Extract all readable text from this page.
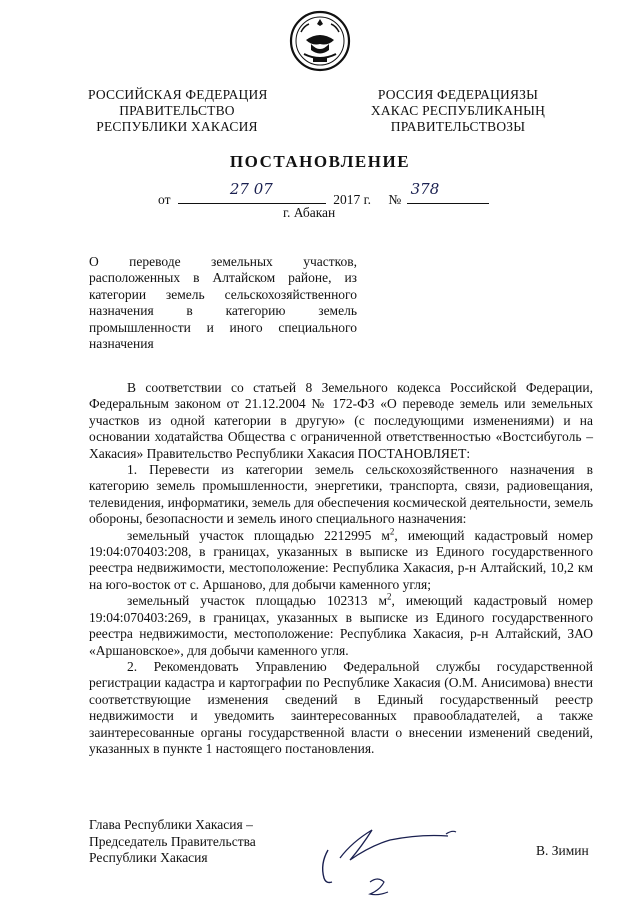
РОССИЙСКАЯ ФЕДЕРАЦИЯ
ПРАВИТЕЛЬСТВО
РЕСПУБЛИКИ ХАКАСИЯ
РОССИЯ ФЕДЕРАЦИЯЗЫ
ХАКАС РЕСПУБЛИКАНЫҢ
ПРАВИТЕЛЬСТВОЗЫ
ПОСТАНОВЛЕНИЕ
от
27 07
2017 г. №
378
г. Абакан
О переводе земельных участков, расположенных в Алтайском районе, из категории земель сельскохозяйственного назначения в категорию земель промышленности и иного специального назначения

В соответствии со статьей 8 Земельного кодекса Российской Федерации, Федеральным законом от 21.12.2004 № 172-ФЗ «О переводе земель или земельных участков из одной категории в другую» (с последующими изменениями) и на основании ходатайства Общества с ограниченной ответственностью «Востсибуголь – Хакасия» Правительство Республики Хакасия ПОСТАНОВЛЯЕТ:

1. Перевести из категории земель сельскохозяйственного назначения в категорию земель промышленности, энергетики, транспорта, связи, радиовещания, телевидения, информатики, земель для обеспечения космической деятельности, земель обороны, безопасности и земель иного специального назначения:

земельный участок площадью 2212995 $м^2$, имеющий кадастровый номер 19:04:070403:208, в границах, указанных в выписке из Единого государственного реестра недвижимости, местоположение: Республика Хакасия, р-н Алтайский, 10,2 км на юго-восток от с. Аршаново, для добычи каменного угля;

земельный участок площадью 102313 $м^2$, имеющий кадастровый номер 19:04:070403:269, в границах, указанных в выписке из Единого государственного реестра недвижимости, местоположение: Республика Хакасия, р-н Алтайский, ЗАО «Аршановское», для добычи каменного угля.

2. Рекомендовать Управлению Федеральной службы государственной регистрации кадастра и картографии по Республике Хакасия (О.М. Анисимова) внести соответствующие изменения сведений в Единый государственный реестр недвижимости и уведомить заинтересованных правообладателей, а также заинтересованные органы государственной власти о внесении изменений сведений, указанных в пункте 1 настоящего постановления.

Глава Республики Хакасия –
Председатель Правительства
Республики Хакасия	В. Зимин
